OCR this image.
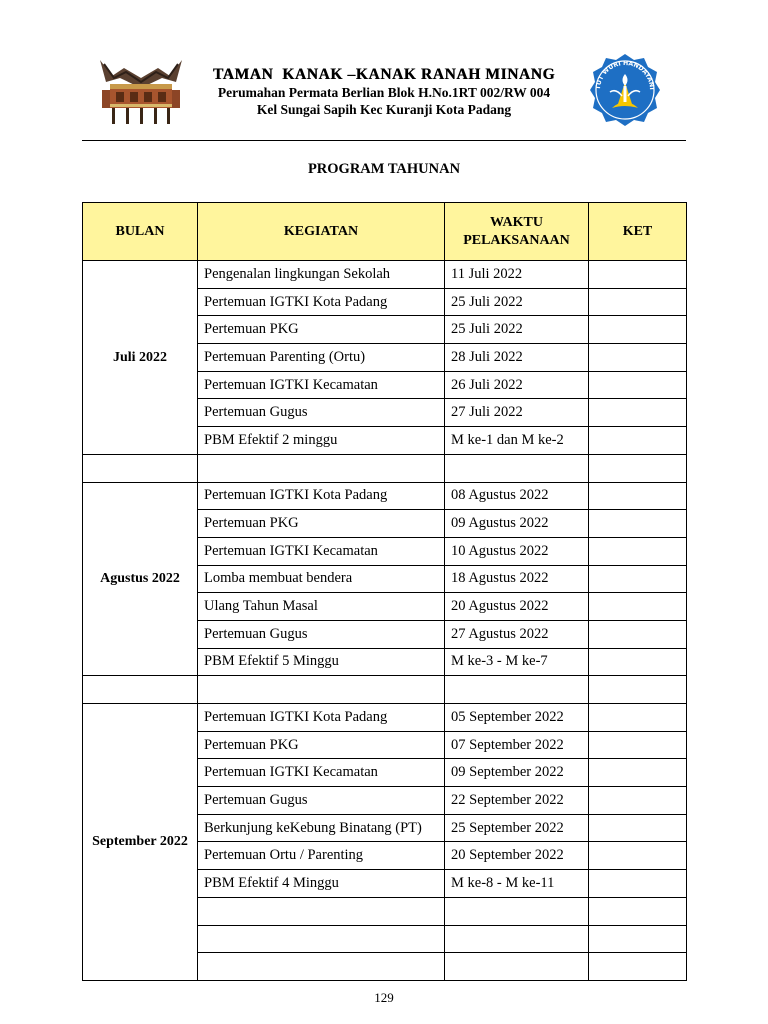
TAMAN  KANAK –KANAK RANAH MINANG
Perumahan Permata Berlian Blok H.No.1RT 002/RW 004
Kel Sungai Sapih Kec Kuranji Kota Padang
TUT WURI HANDAYANI
PROGRAM TAHUNAN
BULAN	KEGIATAN	WAKTU PELAKSANAAN	KET
Juli 2022	Pengenalan lingkungan Sekolah	11 Juli 2022	
	Pertemuan IGTKI Kota Padang	25 Juli 2022	
	Pertemuan PKG	25 Juli 2022	
	Pertemuan Parenting (Ortu)	28 Juli 2022	
	Pertemuan IGTKI Kecamatan	26 Juli 2022	
	Pertemuan Gugus	27 Juli 2022	
	PBM Efektif 2 minggu	M ke-1 dan M ke-2	

Agustus 2022	Pertemuan IGTKI Kota Padang	08 Agustus 2022	
	Pertemuan PKG	09 Agustus 2022	
	Pertemuan IGTKI Kecamatan	10 Agustus 2022	
	Lomba membuat bendera	18 Agustus 2022	
	Ulang Tahun Masal	20 Agustus 2022	
	Pertemuan Gugus	27 Agustus 2022	
	PBM Efektif 5 Minggu	M ke-3 - M ke-7	

September 2022	Pertemuan IGTKI Kota Padang	05 September 2022	
	Pertemuan PKG	07 September 2022	
	Pertemuan IGTKI Kecamatan	09 September 2022	
	Pertemuan Gugus	22 September 2022	
	Berkunjung keKebung Binatang (PT)	25 September 2022	
	Pertemuan Ortu / Parenting	20 September 2022	
	PBM Efektif 4 Minggu	M ke-8 - M ke-11	

129
